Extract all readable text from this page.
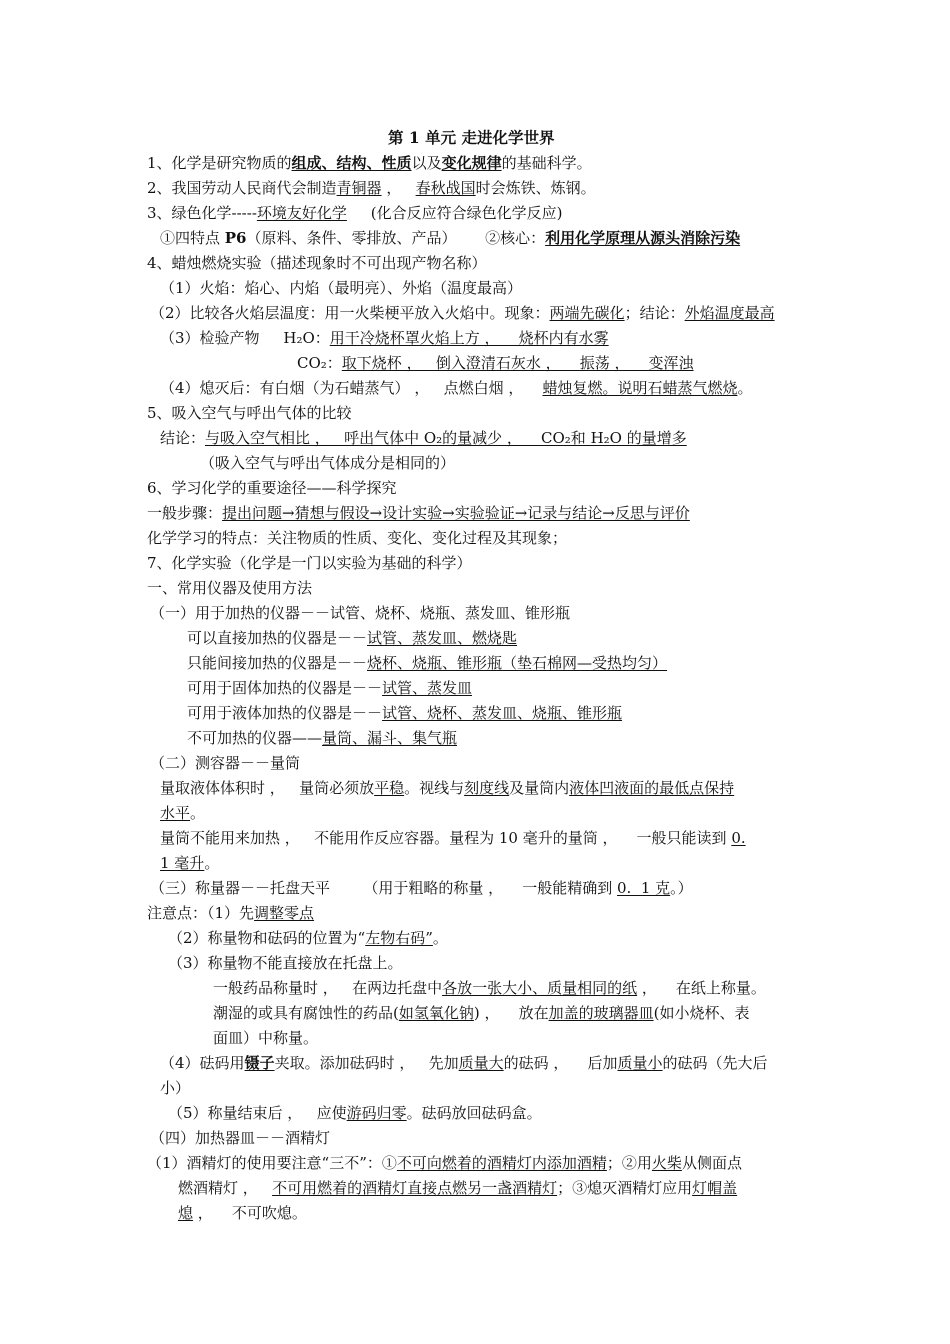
第 1 单元 走进化学世界
1、化学是研究物质的组成、结构、性质以及变化规律的基础科学。
2、我国劳动人民商代会制造青铜器 ，   春秋战国时会炼铁、炼钢。
3、绿色化学-----环境友好化学     (化合反应符合绿色化学反应)
①四特点 P6（原料、条件、零排放、产品）      ②核心：利用化学原理从源头消除污染
4、蜡烛燃烧实验（描述现象时不可出现产物名称）
（1）火焰：焰心、内焰（最明亮）、外焰（温度最高）
（2）比较各火焰层温度：用一火柴梗平放入火焰中。现象：两端先碳化；结论：外焰温度最高
（3）检验产物     H₂O：用干冷烧杯罩火焰上方 ，    烧杯内有水雾
CO₂：取下烧杯 ，   倒入澄清石灰水 ，    振荡 ，    变浑浊
（4）熄灭后：有白烟（为石蜡蒸气） ，   点燃白烟 ，    蜡烛复燃。说明石蜡蒸气燃烧。
5、吸入空气与呼出气体的比较
结论：与吸入空气相比 ，   呼出气体中 O₂的量减少 ，    CO₂和 H₂O 的量增多
（吸入空气与呼出气体成分是相同的）
6、学习化学的重要途径——科学探究
一般步骤：提出问题→猜想与假设→设计实验→实验验证→记录与结论→反思与评价
化学学习的特点：关注物质的性质、变化、变化过程及其现象；
7、化学实验（化学是一门以实验为基础的科学）
一、常用仪器及使用方法
（一）用于加热的仪器－－试管、烧杯、烧瓶、蒸发皿、锥形瓶
可以直接加热的仪器是－－试管、蒸发皿、燃烧匙
只能间接加热的仪器是－－烧杯、烧瓶、锥形瓶（垫石棉网—受热均匀）
可用于固体加热的仪器是－－试管、蒸发皿
可用于液体加热的仪器是－－试管、烧杯、蒸发皿、烧瓶、锥形瓶
不可加热的仪器——量筒、漏斗、集气瓶
（二）测容器－－量筒
量取液体体积时 ，   量筒必须放平稳。视线与刻度线及量筒内液体凹液面的最低点保持
水平。
量筒不能用来加热 ，   不能用作反应容器。量程为 10 毫升的量筒 ，    一般只能读到 0.
1 毫升。
（三）称量器－－托盘天平       （用于粗略的称量 ，    一般能精确到 0.  1 克。）
注意点：（1）先调整零点
（2）称量物和砝码的位置为“左物右码”。
（3）称量物不能直接放在托盘上。
一般药品称量时 ，   在两边托盘中各放一张大小、质量相同的纸 ，    在纸上称量。
潮湿的或具有腐蚀性的药品(如氢氧化钠) ，    放在加盖的玻璃器皿(如小烧杯、表
面皿）中称量。
（4）砝码用镊子夹取。添加砝码时 ，   先加质量大的砝码 ，    后加质量小的砝码（先大后
小）
（5）称量结束后 ，   应使游码归零。砝码放回砝码盒。
（四）加热器皿－－酒精灯
（1）酒精灯的使用要注意“三不”：①不可向燃着的酒精灯内添加酒精；②用火柴从侧面点
燃酒精灯 ，   不可用燃着的酒精灯直接点燃另一盏酒精灯；③熄灭酒精灯应用灯帽盖
熄 ，    不可吹熄。
